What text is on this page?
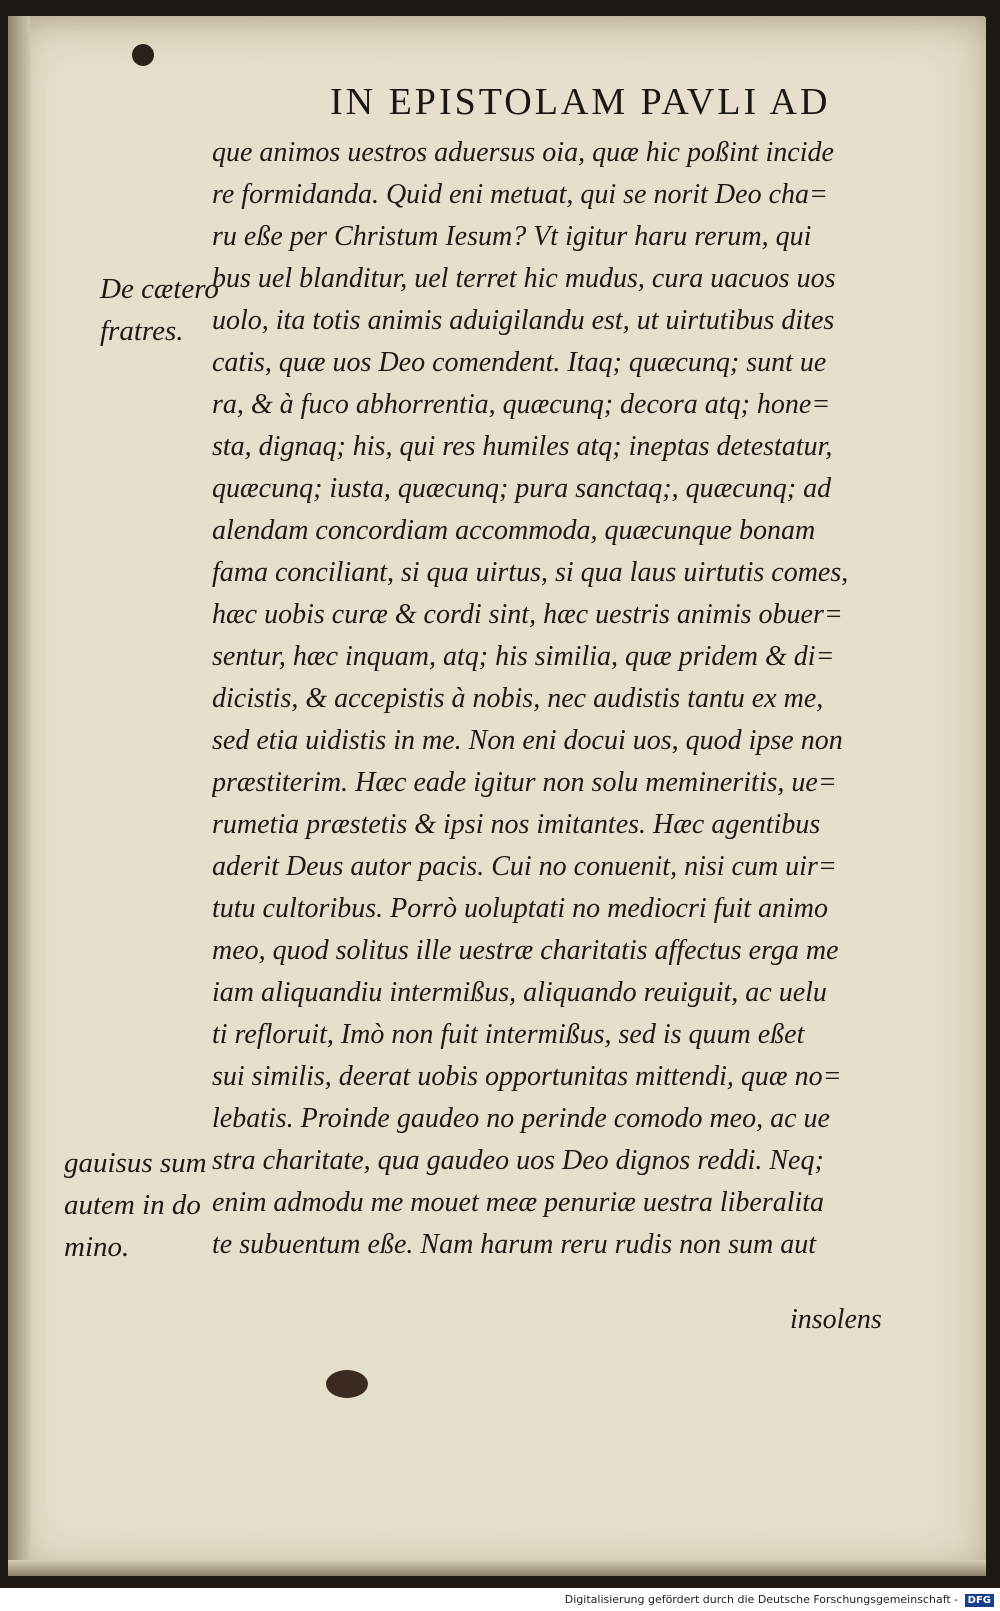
IN EPISTOLAM PAVLI AD
que animos uestros aduersus oia, quæ hic poßint incide
re formidanda. Quid eni metuat, qui se norit Deo cha=
ru eße per Christum Iesum? Vt igitur haru rerum, qui
bus uel blanditur, uel terret hic mudus, cura uacuos uos
uolo, ita totis animis aduigilandu est, ut uirtutibus dites
catis, quæ uos Deo comendent. Itaq; quæcunq; sunt ue
ra, & à fuco abhorrentia, quæcunq; decora atq; hone=
sta, dignaq; his, qui res humiles atq; ineptas detestatur,
quæcunq; iusta, quæcunq; pura sanctaq;, quæcunq; ad
alendam concordiam accommoda, quæcunque bonam
fama conciliant, si qua uirtus, si qua laus uirtutis comes,
hæc uobis curæ & cordi sint, hæc uestris animis obuer=
sentur, hæc inquam, atq; his similia, quæ pridem & di=
dicistis, & accepistis à nobis, nec audistis tantu ex me,
sed etia uidistis in me. Non eni docui uos, quod ipse non
præstiterim. Hæc eade igitur non solu memineritis, ue=
rumetia præstetis & ipsi nos imitantes. Hæc agentibus
aderit Deus autor pacis. Cui no conuenit, nisi cum uir=
tutu cultoribus. Porrò uoluptati no mediocri fuit animo
meo, quod solitus ille uestræ charitatis affectus erga me
iam aliquandiu intermißus, aliquando reuiguit, ac uelu
ti refloruit, Imò non fuit intermißus, sed is quum eßet
sui similis, deerat uobis opportunitas mittendi, quæ no=
lebatis. Proinde gaudeo no perinde comodo meo, ac ue
stra charitate, qua gaudeo uos Deo dignos reddi. Neq;
enim admodu me mouet meæ penuriæ uestra liberalita
te subuentum eße. Nam harum reru rudis non sum aut
De cætero
fratres.
gauisus sum
autem in do
mino.
insolens
Digitalisierung gefördert durch die Deutsche Forschungsgemeinschaft - DFG
